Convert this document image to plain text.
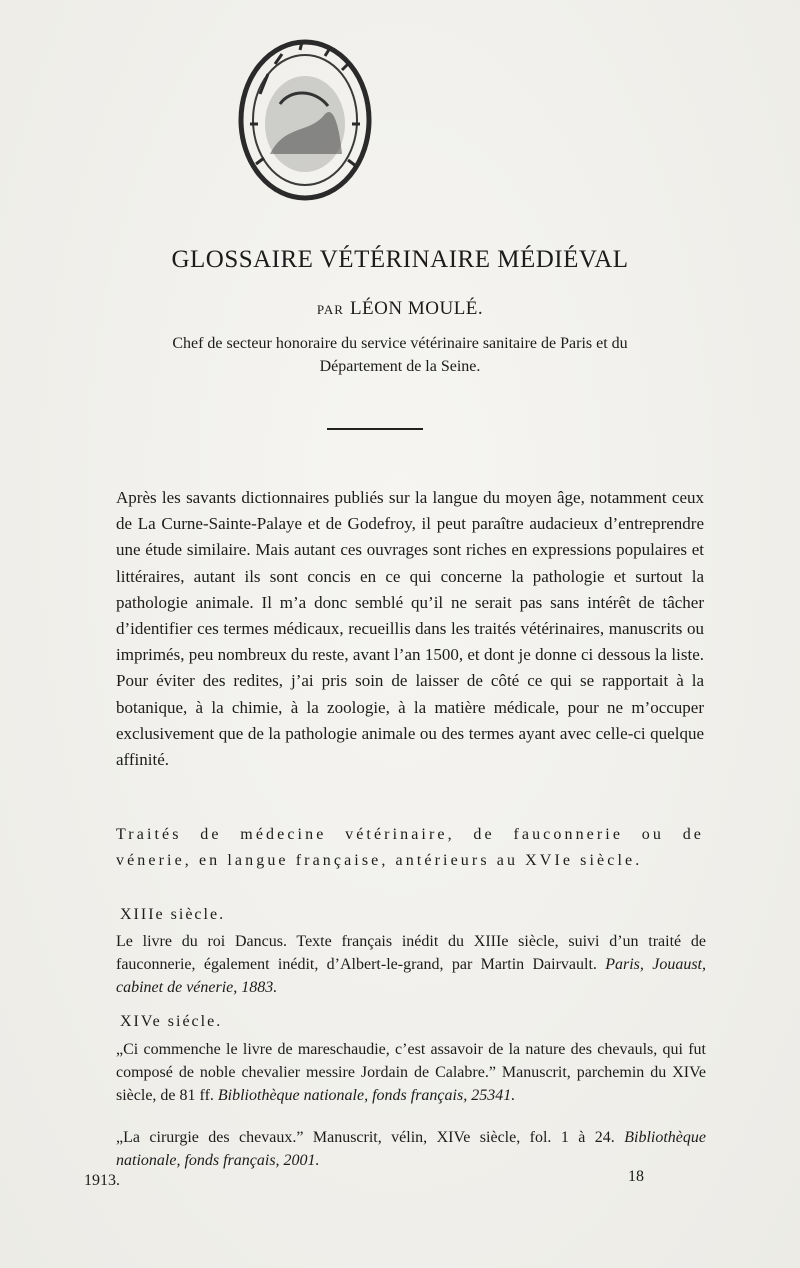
GLOSSAIRE VÉTÉRINAIRE MÉDIÉVAL
PAR LÉON MOULÉ.
Chef de secteur honoraire du service vétérinaire sanitaire de Paris et du
Département de la Seine.

Après les savants dictionnaires publiés sur la langue du moyen âge, notamment ceux de La Curne-Sainte-Palaye et de Godefroy, il peut paraître audacieux d’entreprendre une étude similaire. Mais autant ces ouvrages sont riches en expressions populaires et littéraires, autant ils sont concis en ce qui concerne la pathologie et surtout la pathologie animale. Il m’a donc semblé qu’il ne serait pas sans intérêt de tâcher d’identifier ces termes médicaux, recueillis dans les traités vétérinaires, manuscrits ou imprimés, peu nombreux du reste, avant l’an 1500, et dont je donne ci dessous la liste. Pour éviter des redites, j’ai pris soin de laisser de côté ce qui se rapportait à la botanique, à la chimie, à la zoologie, à la matière médicale, pour ne m’occuper exclusivement que de la pathologie animale ou des termes ayant avec celle-ci quelque affinité.

Traités de médecine vétérinaire, de fauconnerie ou de vénerie, en langue française, antérieurs au XVIe siècle.

XIIIe siècle.

Le livre du roi Dancus. Texte français inédit du XIIIe siècle, suivi d’un traité de fauconnerie, également inédit, d’Albert-le-grand, par Martin Dairvault. Paris, Jouaust, cabinet de vénerie, 1883.

XIVe siécle.

„Ci commenche le livre de mareschaudie, c’est assavoir de la nature des chevauls, qui fut composé de noble chevalier messire Jordain de Calabre.” Manuscrit, parchemin du XIVe siècle, de 81 ff. Bibliothèque nationale, fonds français, 25341.

„La cirurgie des chevaux.” Manuscrit, vélin, XIVe siècle, fol. 1 à 24. Bibliothèque nationale, fonds français, 2001.

1913.	18
